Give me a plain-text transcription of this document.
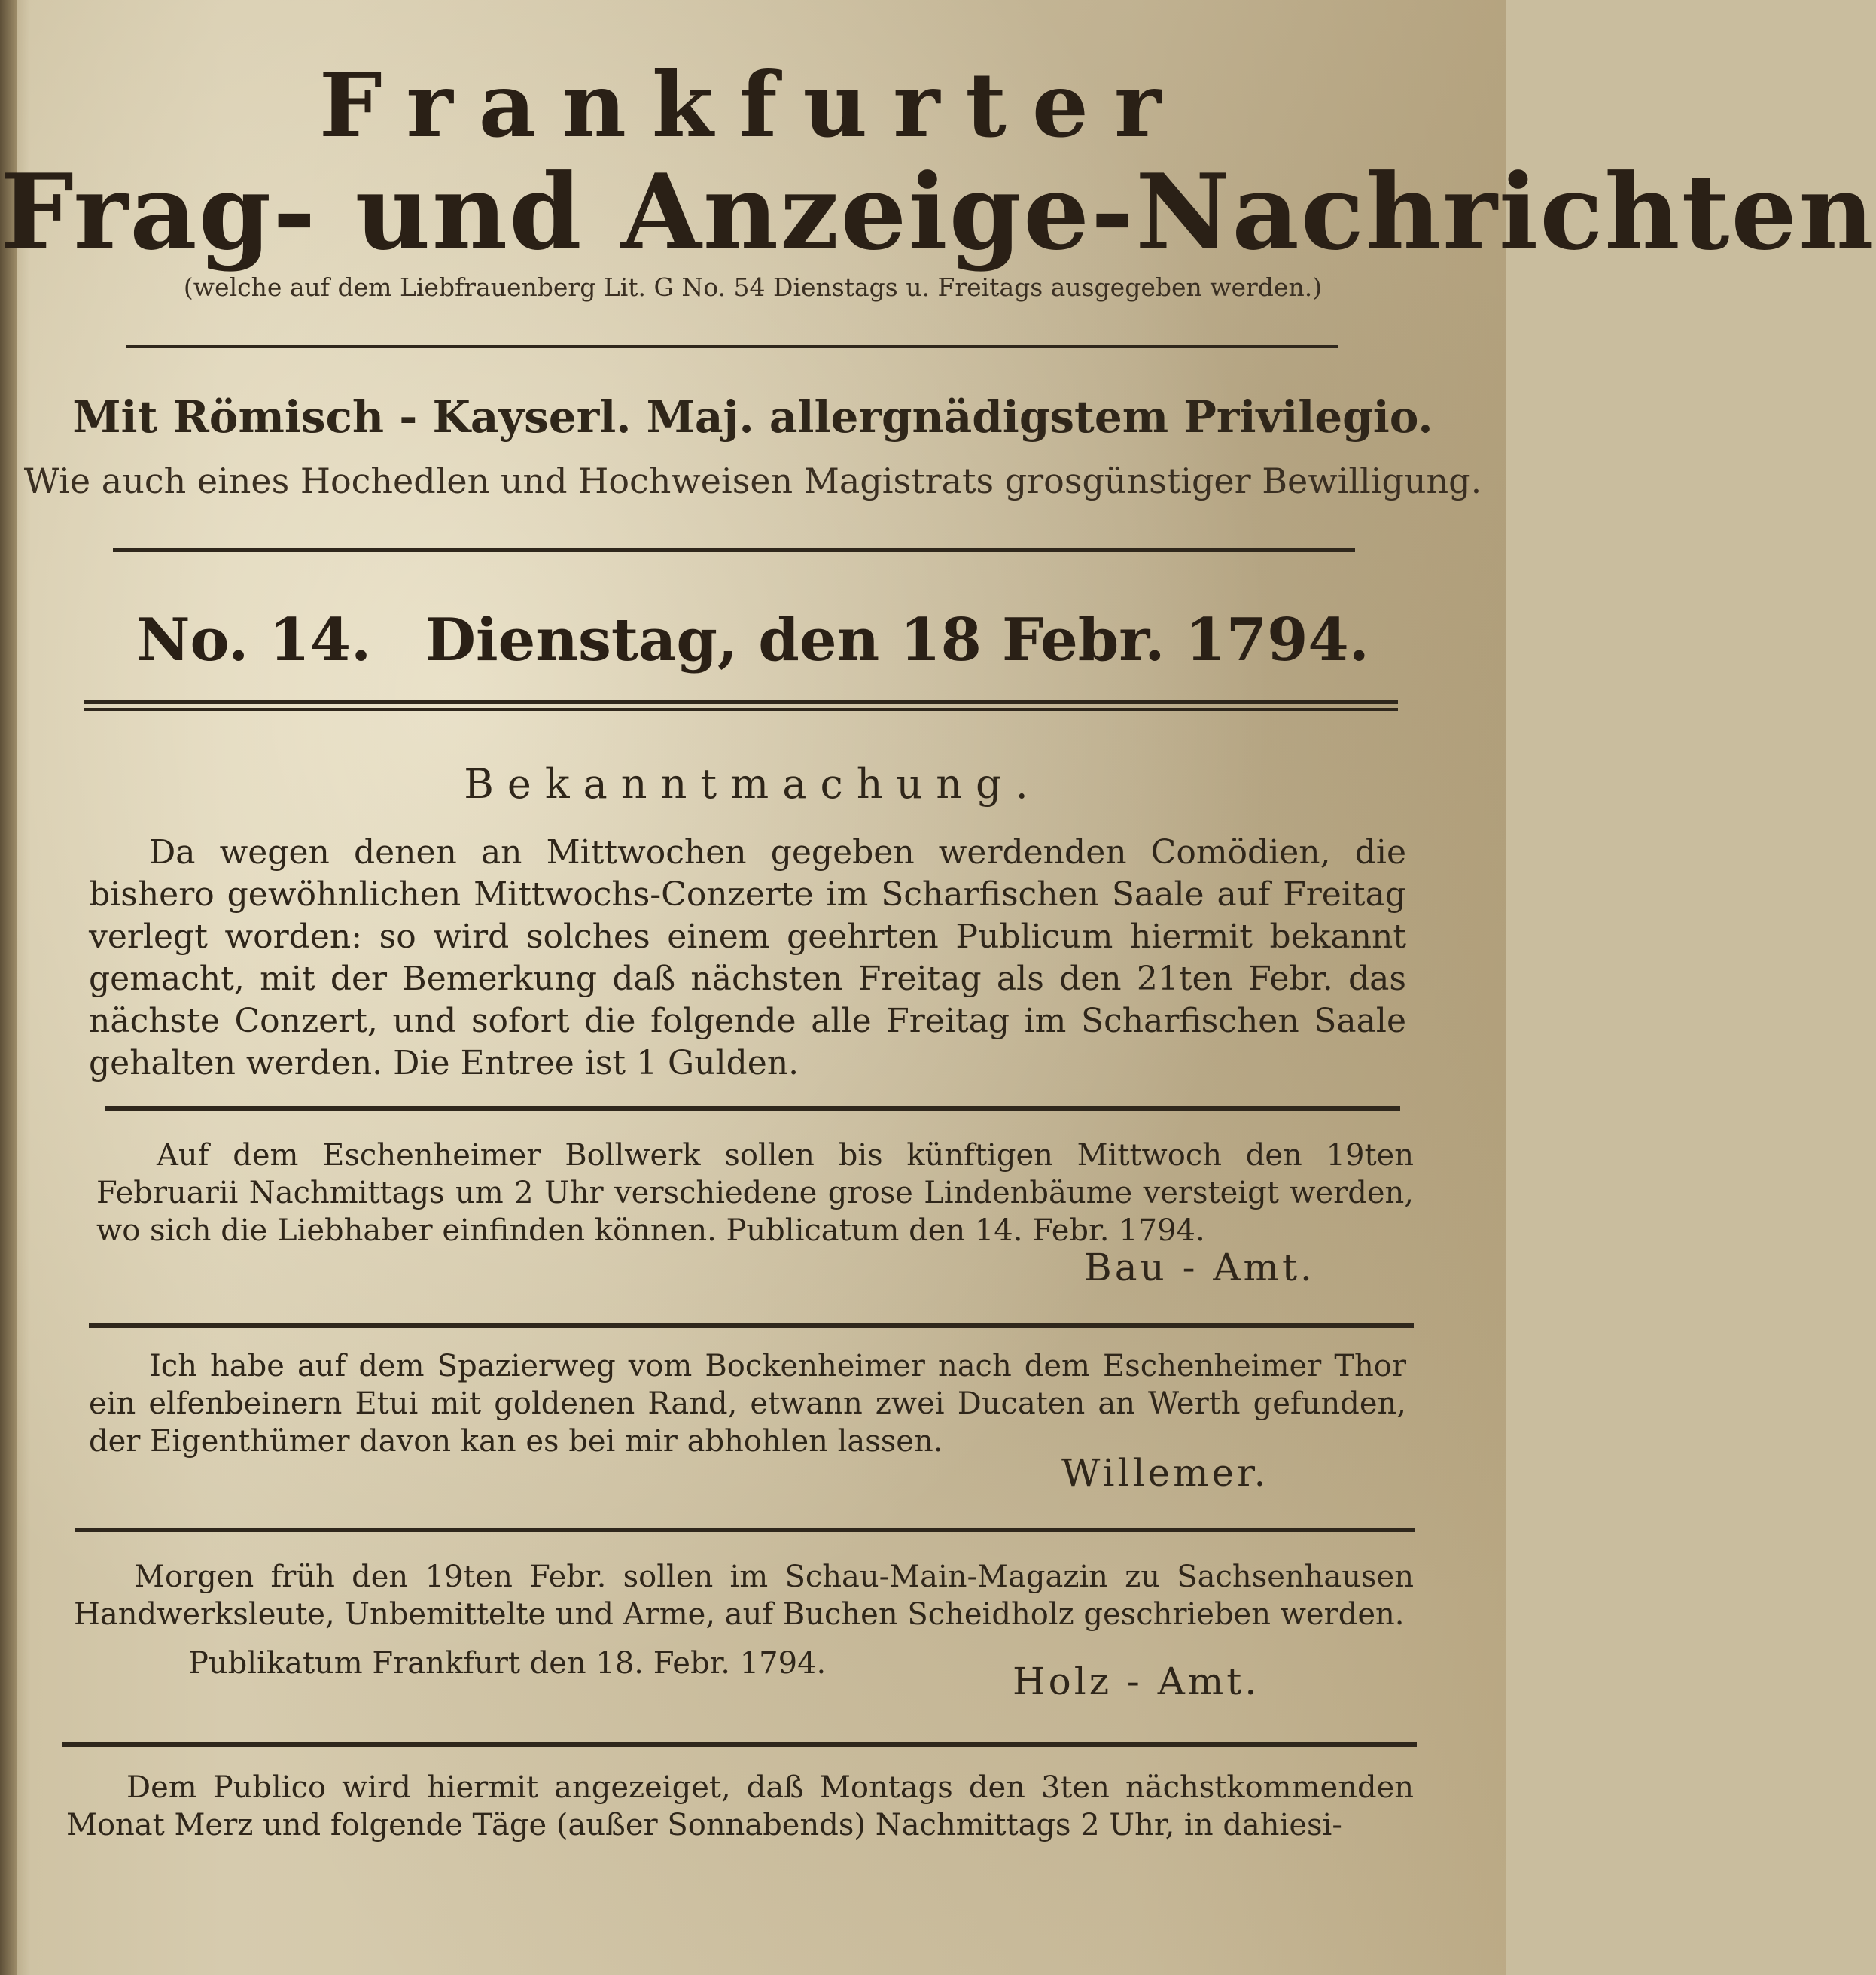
Frankfurter
Frag- und Anzeige-Nachrichten
(welche auf dem Liebfrauenberg Lit. G No. 54 Dienstags u. Freitags ausgegeben werden.)
Mit Römisch - Kayserl. Maj. allergnädigstem Privilegio.
Wie auch eines Hochedlen und Hochweisen Magistrats grosgünstiger Bewilligung.
No. 14. Dienstag, den 18 Febr. 1794.
Bekanntmachung.
Da wegen denen an Mittwochen gegeben werdenden Comödien, die bishero gewöhnlichen Mittwochs-Conzerte im Scharfischen Saale auf Freitag verlegt worden: so wird solches einem geehrten Publicum hiermit bekannt gemacht, mit der Bemerkung daß nächsten Freitag als den 21ten Febr. das nächste Conzert, und sofort die folgende alle Freitag im Scharfischen Saale gehalten werden. Die Entree ist 1 Gulden.
Auf dem Eschenheimer Bollwerk sollen bis künftigen Mittwoch den 19ten Februarii Nachmittags um 2 Uhr verschiedene grose Lindenbäume versteigt werden, wo sich die Liebhaber einfinden können. Publicatum den 14. Febr. 1794.
Bau - Amt.
Ich habe auf dem Spazierweg vom Bockenheimer nach dem Eschenheimer Thor ein elfenbeinern Etui mit goldenen Rand, etwann zwei Ducaten an Werth gefunden, der Eigenthümer davon kan es bei mir abhohlen lassen.
Willemer.
Morgen früh den 19ten Febr. sollen im Schau-Main-Magazin zu Sachsenhausen Handwerksleute, Unbemittelte und Arme, auf Buchen Scheidholz geschrieben werden.
Publikatum Frankfurt den 18. Febr. 1794.	Holz - Amt.
Dem Publico wird hiermit angezeiget, daß Montags den 3ten nächstkommenden Monat Merz und folgende Täge (außer Sonnabends) Nachmittags 2 Uhr, in dahiesi-
